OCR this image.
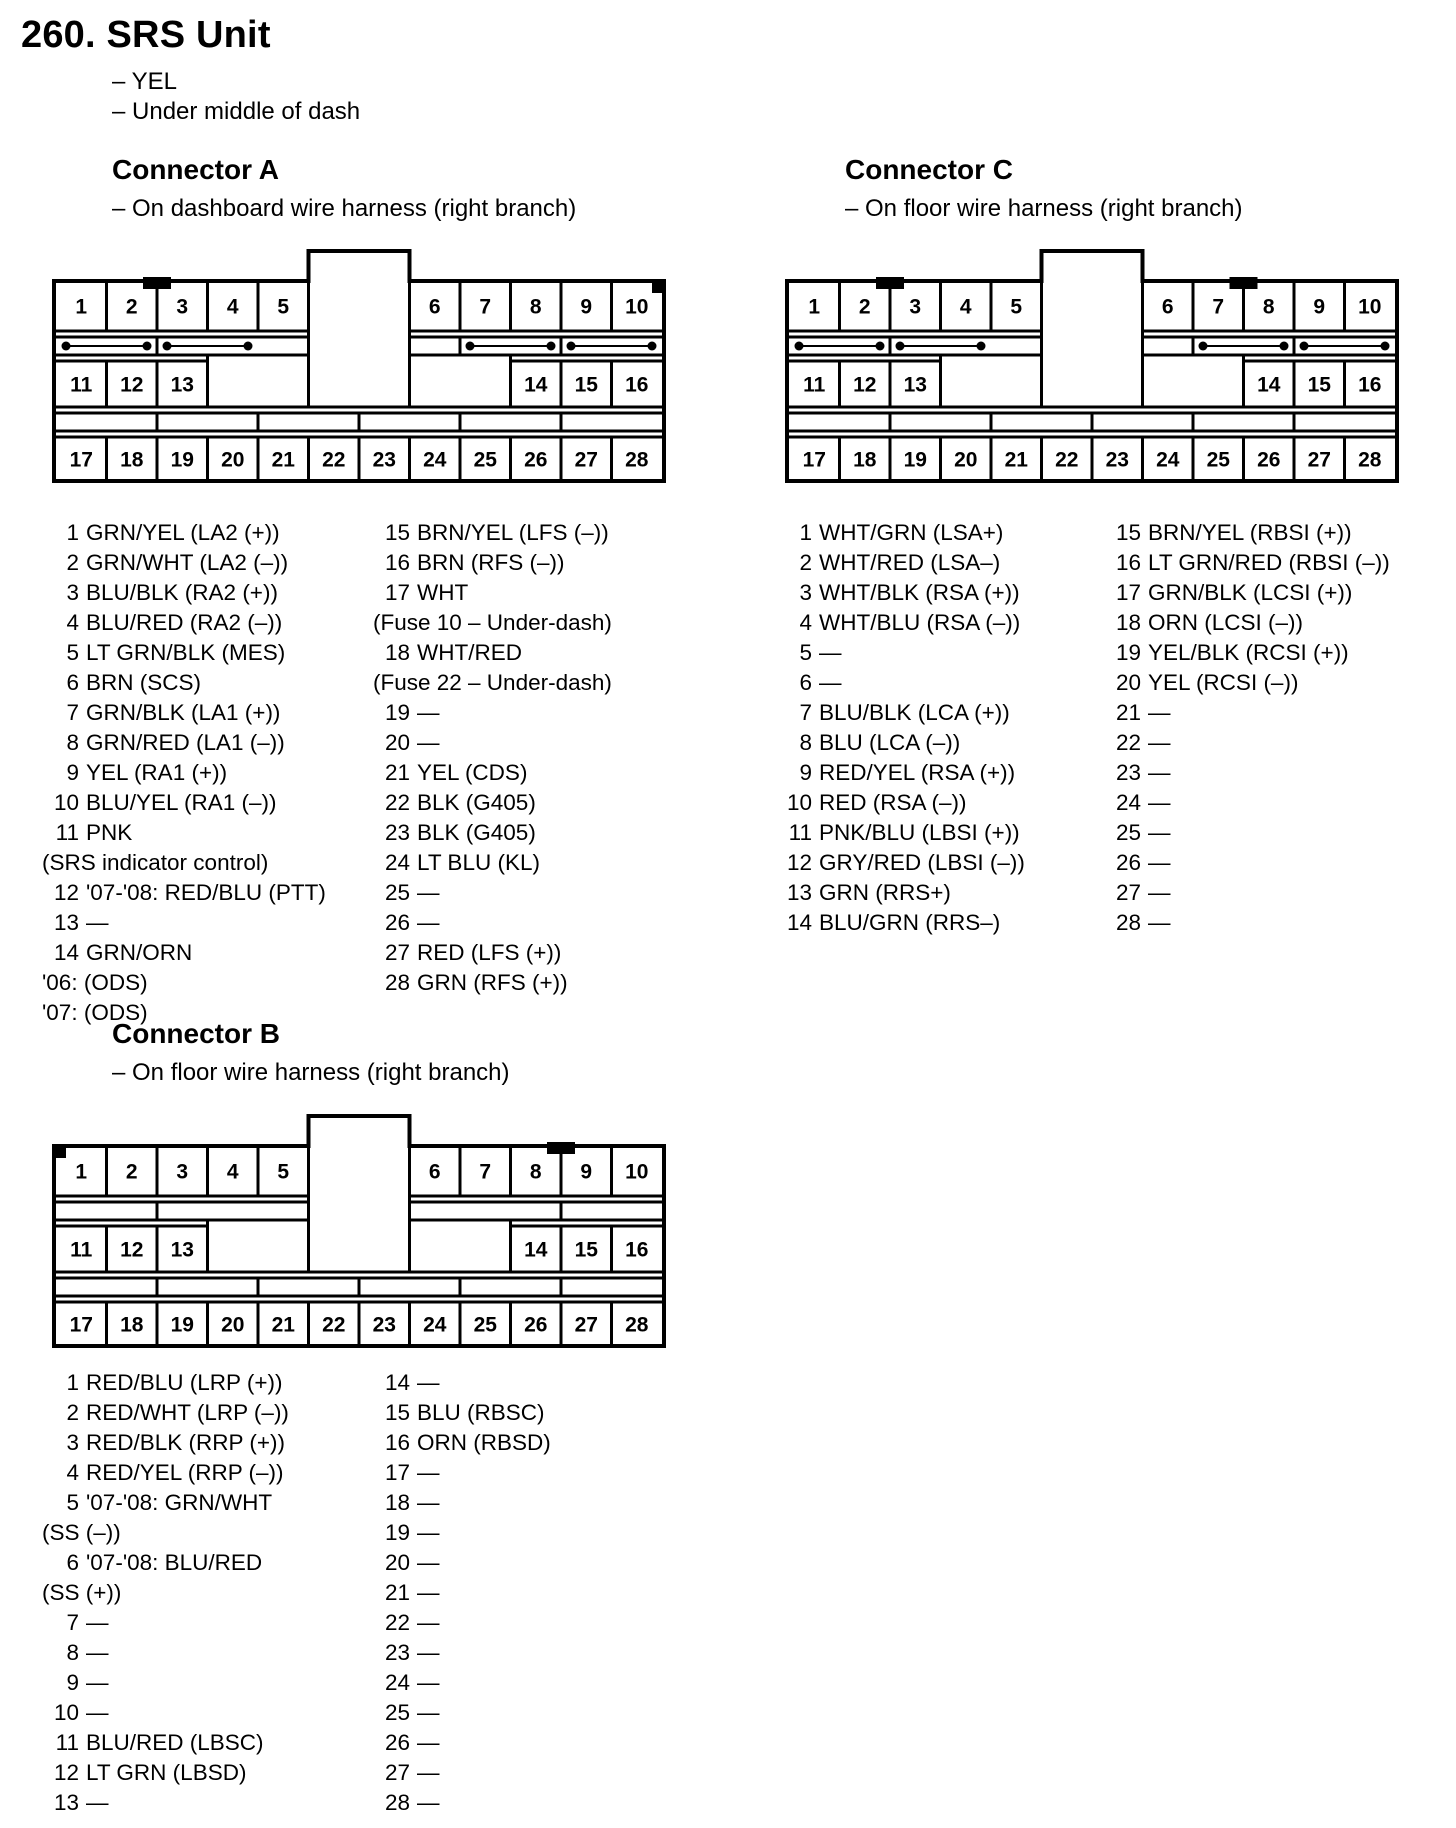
260. SRS Unit
– YEL
– Under middle of dash
Connector A
– On dashboard wire harness (right branch)
1 2 3 4 5	6 7 8 9 10
11 12 13	14 15 16
17 18 19 20 21 22 23 24 25 26 27 28
1 GRN/YEL (LA2 (+))
2 GRN/WHT (LA2 (–))
3 BLU/BLK (RA2 (+))
4 BLU/RED (RA2 (–))
5 LT GRN/BLK (MES)
6 BRN (SCS)
7 GRN/BLK (LA1 (+))
8 GRN/RED (LA1 (–))
9 YEL (RA1 (+))
10 BLU/YEL (RA1 (–))
11 PNK
(SRS indicator control)
12 '07-'08: RED/BLU (PTT)
13 —
14 GRN/ORN
'06: (ODS)
'07: (ODS)
15 BRN/YEL (LFS (–))
16 BRN (RFS (–))
17 WHT
(Fuse 10 – Under-dash)
18 WHT/RED
(Fuse 22 – Under-dash)
19 —
20 —
21 YEL (CDS)
22 BLK (G405)
23 BLK (G405)
24 LT BLU (KL)
25 —
26 —
27 RED (LFS (+))
28 GRN (RFS (+))
Connector C
– On floor wire harness (right branch)
1 2 3 4 5	6 7 8 9 10
11 12 13	14 15 16
17 18 19 20 21 22 23 24 25 26 27 28
1 WHT/GRN (LSA+)
2 WHT/RED (LSA–)
3 WHT/BLK (RSA (+))
4 WHT/BLU (RSA (–))
5 —
6 —
7 BLU/BLK (LCA (+))
8 BLU (LCA (–))
9 RED/YEL (RSA (+))
10 RED (RSA (–))
11 PNK/BLU (LBSI (+))
12 GRY/RED (LBSI (–))
13 GRN (RRS+)
14 BLU/GRN (RRS–)
15 BRN/YEL (RBSI (+))
16 LT GRN/RED (RBSI (–))
17 GRN/BLK (LCSI (+))
18 ORN (LCSI (–))
19 YEL/BLK (RCSI (+))
20 YEL (RCSI (–))
21 —
22 —
23 —
24 —
25 —
26 —
27 —
28 —
Connector B
– On floor wire harness (right branch)
1 2 3 4 5	6 7 8 9 10
11 12 13	14 15 16
17 18 19 20 21 22 23 24 25 26 27 28
1 RED/BLU (LRP (+))
2 RED/WHT (LRP (–))
3 RED/BLK (RRP (+))
4 RED/YEL (RRP (–))
5 '07-'08: GRN/WHT
(SS (–))
6 '07-'08: BLU/RED
(SS (+))
7 —
8 —
9 —
10 —
11 BLU/RED (LBSC)
12 LT GRN (LBSD)
13 —
14 —
15 BLU (RBSC)
16 ORN (RBSD)
17 —
18 —
19 —
20 —
21 —
22 —
23 —
24 —
25 —
26 —
27 —
28 —
